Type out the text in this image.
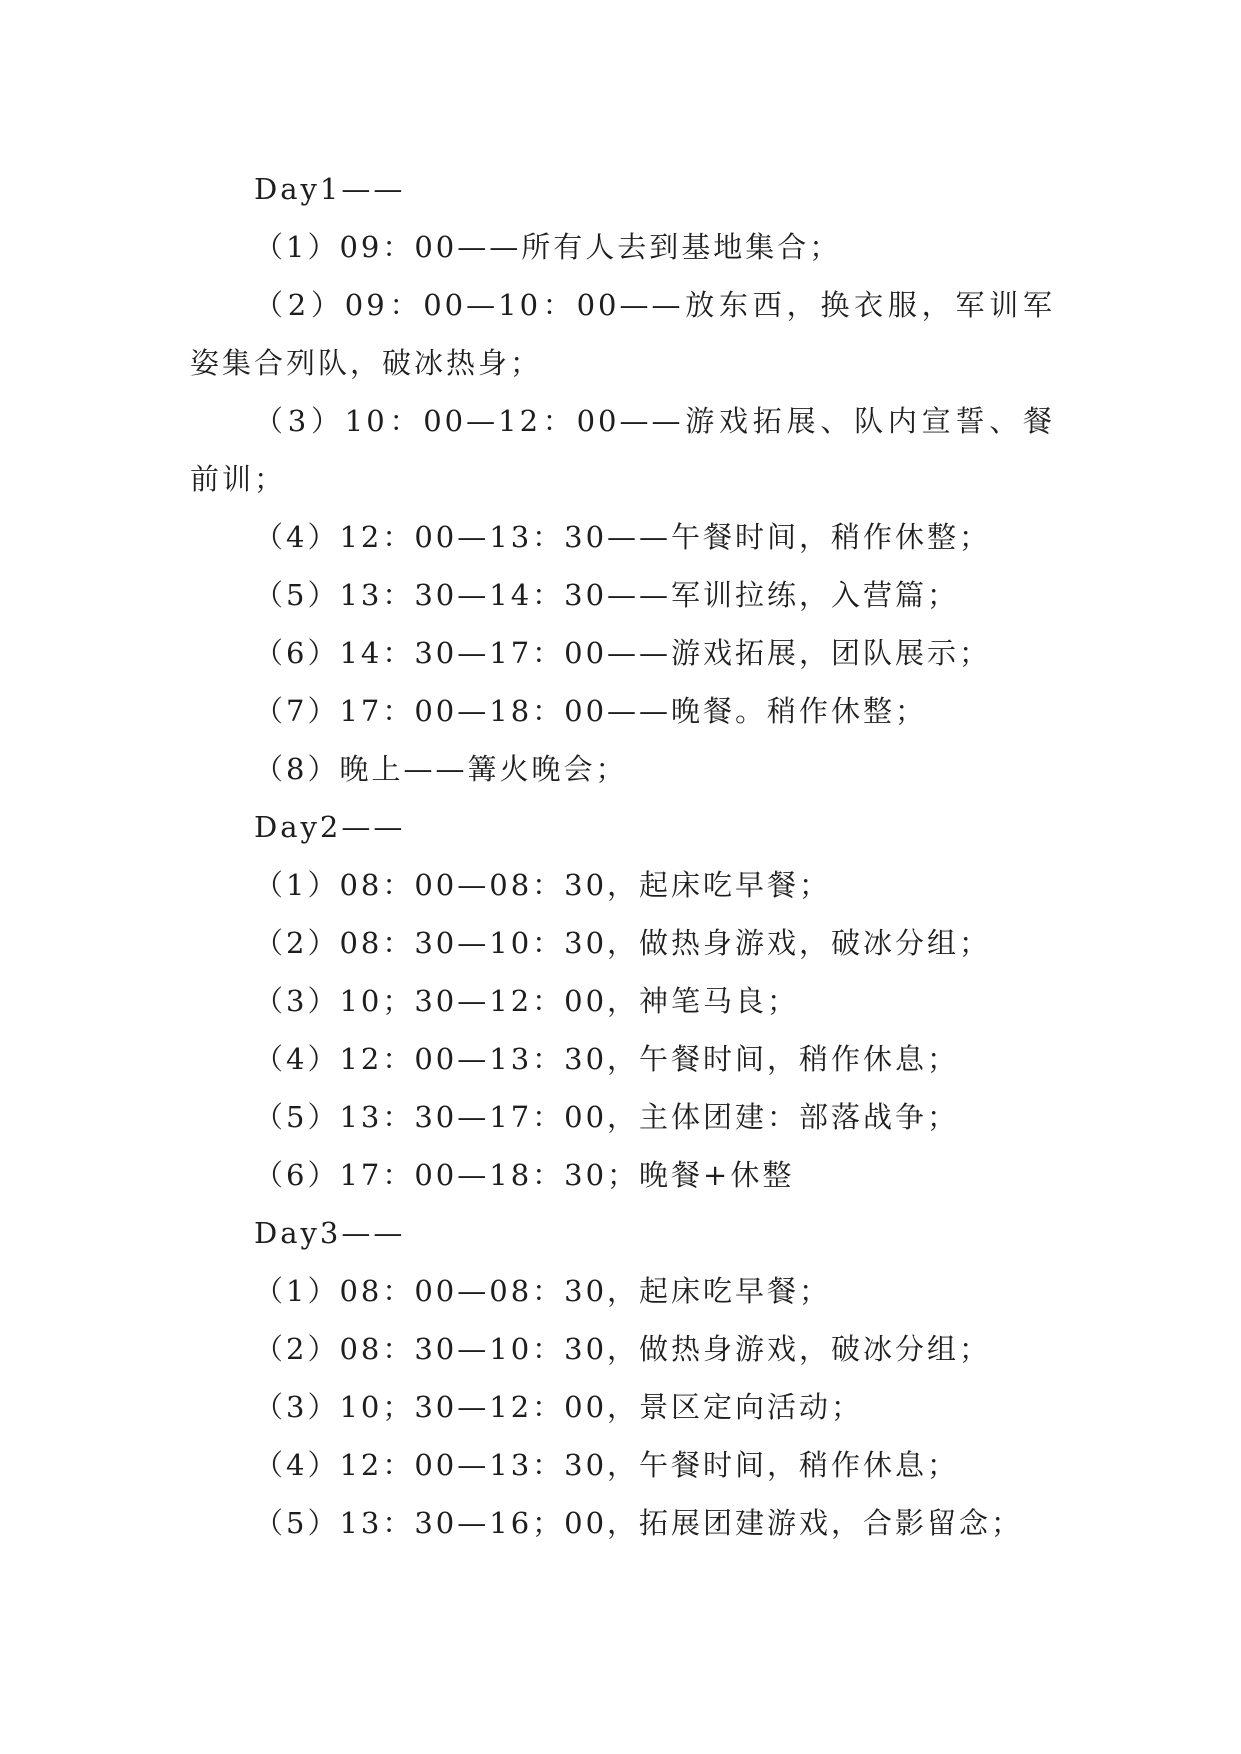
Day1——

（1）09：00——所有人去到基地集合；

（2）09：00—10：00——放东西，换衣服，军训军姿集合列队，破冰热身；

（3）10：00—12：00——游戏拓展、队内宣誓、餐前训；

（4）12：00—13：30——午餐时间，稍作休整；

（5）13：30—14：30——军训拉练，入营篇；

（6）14：30—17：00——游戏拓展，团队展示；

（7）17：00—18：00——晚餐。稍作休整；

（8）晚上——篝火晚会；

Day2——

（1）08：00—08：30，起床吃早餐；

（2）08：30—10：30，做热身游戏，破冰分组；

（3）10；30—12：00，神笔马良；

（4）12：00—13：30，午餐时间，稍作休息；

（5）13：30—17：00，主体团建：部落战争；

（6）17：00—18：30；晚餐+休整

Day3——

（1）08：00—08：30，起床吃早餐；

（2）08：30—10：30，做热身游戏，破冰分组；

（3）10；30—12：00，景区定向活动；

（4）12：00—13：30，午餐时间，稍作休息；

（5）13：30—16；00，拓展团建游戏，合影留念；
